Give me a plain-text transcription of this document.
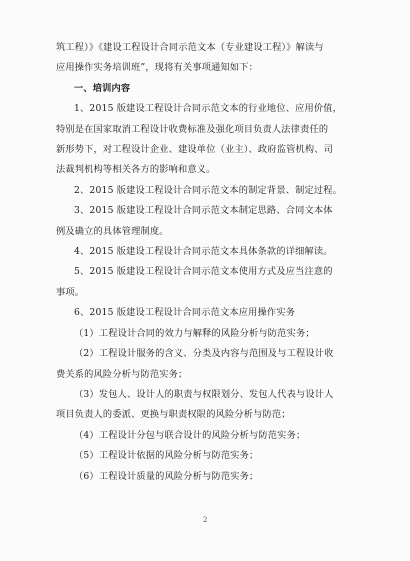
筑工程）》《建设工程设计合同示范文本（专业建设工程）》解读与
应用操作实务培训班”，现将有关事项通知如下：
一、培训内容
1、2015 版建设工程设计合同示范文本的行业地位、应用价值，
特别是在国家取消工程设计收费标准及强化项目负责人法律责任的
新形势下，对工程设计企业、建设单位（业主）、政府监管机构、司
法裁判机构等相关各方的影响和意义。
2、2015 版建设工程设计合同示范文本的制定背景、制定过程。
3、2015 版建设工程设计合同示范文本制定思路、合同文本体
例及确立的具体管理制度。
4、2015 版建设工程设计合同示范文本具体条款的详细解读。
5、2015 版建设工程设计合同示范文本使用方式及应当注意的
事项。
6、2015 版建设工程设计合同示范文本应用操作实务
（1）工程设计合同的效力与解释的风险分析与防范实务；
（2）工程设计服务的含义、分类及内容与范围及与工程设计收
费关系的风险分析与防范实务；
（3）发包人、设计人的职责与权限划分、发包人代表与设计人
项目负责人的委派、更换与职责权限的风险分析与防范；
（4）工程设计分包与联合设计的风险分析与防范实务；
（5）工程设计依据的风险分析与防范实务；
（6）工程设计质量的风险分析与防范实务；
2
